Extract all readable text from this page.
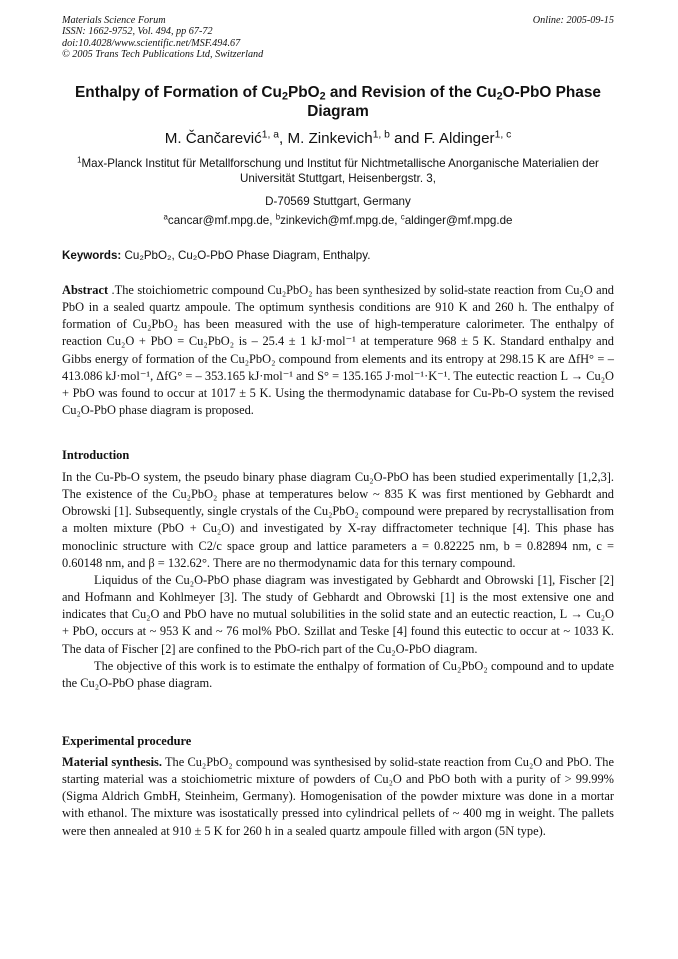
Materials Science Forum
ISSN: 1662-9752, Vol. 494, pp 67-72
doi:10.4028/www.scientific.net/MSF.494.67
© 2005 Trans Tech Publications Ltd, Switzerland
Online: 2005-09-15
Enthalpy of Formation of $Cu_2PbO_2$ and Revision of the $Cu_2O$-PbO Phase Diagram
M. Čančarević$^{1, a}$, M. Zinkevich$^{1, b}$ and F. Aldinger$^{1, c}$
$^1$Max-Planck Institut für Metallforschung und Institut für Nichtmetallische Anorganische Materialien der Universität Stuttgart, Heisenbergstr. 3,
D-70569 Stuttgart, Germany
$^a$cancar@mf.mpg.de, $^b$zinkevich@mf.mpg.de, $^c$aldinger@mf.mpg.de
Keywords: Cu₂PbO₂, Cu₂O-PbO Phase Diagram, Enthalpy.

Abstract .The stoichiometric compound Cu₂PbO₂ has been synthesized by solid-state reaction from Cu₂O and PbO in a sealed quartz ampoule. The optimum synthesis conditions are 910 K and 260 h. The enthalpy of formation of Cu₂PbO₂ has been measured with the use of high-temperature calorimeter. The enthalpy of reaction Cu₂O + PbO = Cu₂PbO₂ is – 25.4 ± 1 kJ·mol⁻¹ at temperature 968 ± 5 K. Standard enthalpy and Gibbs energy of formation of the Cu₂PbO₂ compound from elements and its entropy at 298.15 K are ΔfH° = – 413.086 kJ·mol⁻¹, ΔfG° = – 353.165 kJ·mol⁻¹ and S° = 135.165 J·mol⁻¹·K⁻¹. The eutectic reaction L → Cu₂O + PbO was found to occur at 1017 ± 5 K. Using the thermodynamic database for Cu-Pb-O system the revised Cu₂O-PbO phase diagram is proposed.

Introduction

In the Cu-Pb-O system, the pseudo binary phase diagram Cu₂O-PbO has been studied experimentally [1,2,3]. The existence of the Cu₂PbO₂ phase at temperatures below ~ 835 K was first mentioned by Gebhardt and Obrowski [1]. Subsequently, single crystals of the Cu₂PbO₂ compound were prepared by recrystallisation from a molten mixture (PbO + Cu₂O) and investigated by X-ray diffractometer technique [4]. This phase has monoclinic structure with C2/c space group and lattice parameters a = 0.82225 nm, b = 0.82894 nm, c = 0.60148 nm, and β = 132.62°. There are no thermodynamic data for this ternary compound.

Liquidus of the Cu₂O-PbO phase diagram was investigated by Gebhardt and Obrowski [1], Fischer [2] and Hofmann and Kohlmeyer [3]. The study of Gebhardt and Obrowski [1] is the most extensive one and indicates that Cu₂O and PbO have no mutual solubilities in the solid state and an eutectic reaction, L → Cu₂O + PbO, occurs at ~ 953 K and ~ 76 mol% PbO. Szillat and Teske [4] found this eutectic to occur at ~ 1033 K. The data of Fischer [2] are confined to the PbO-rich part of the Cu₂O-PbO diagram.

The objective of this work is to estimate the enthalpy of formation of Cu₂PbO₂ compound and to update the Cu₂O-PbO phase diagram.

Experimental procedure

Material synthesis. The Cu₂PbO₂ compound was synthesised by solid-state reaction from Cu₂O and PbO. The starting material was a stoichiometric mixture of powders of Cu₂O and PbO both with a purity of > 99.99% (Sigma Aldrich GmbH, Steinheim, Germany). Homogenisation of the powder mixture was done in a mortar with ethanol. The mixture was isostatically pressed into cylindrical pellets of ~ 400 mg in weight. The pallets were then annealed at 910 ± 5 K for 260 h in a sealed quartz ampoule filled with argon (5N type).
